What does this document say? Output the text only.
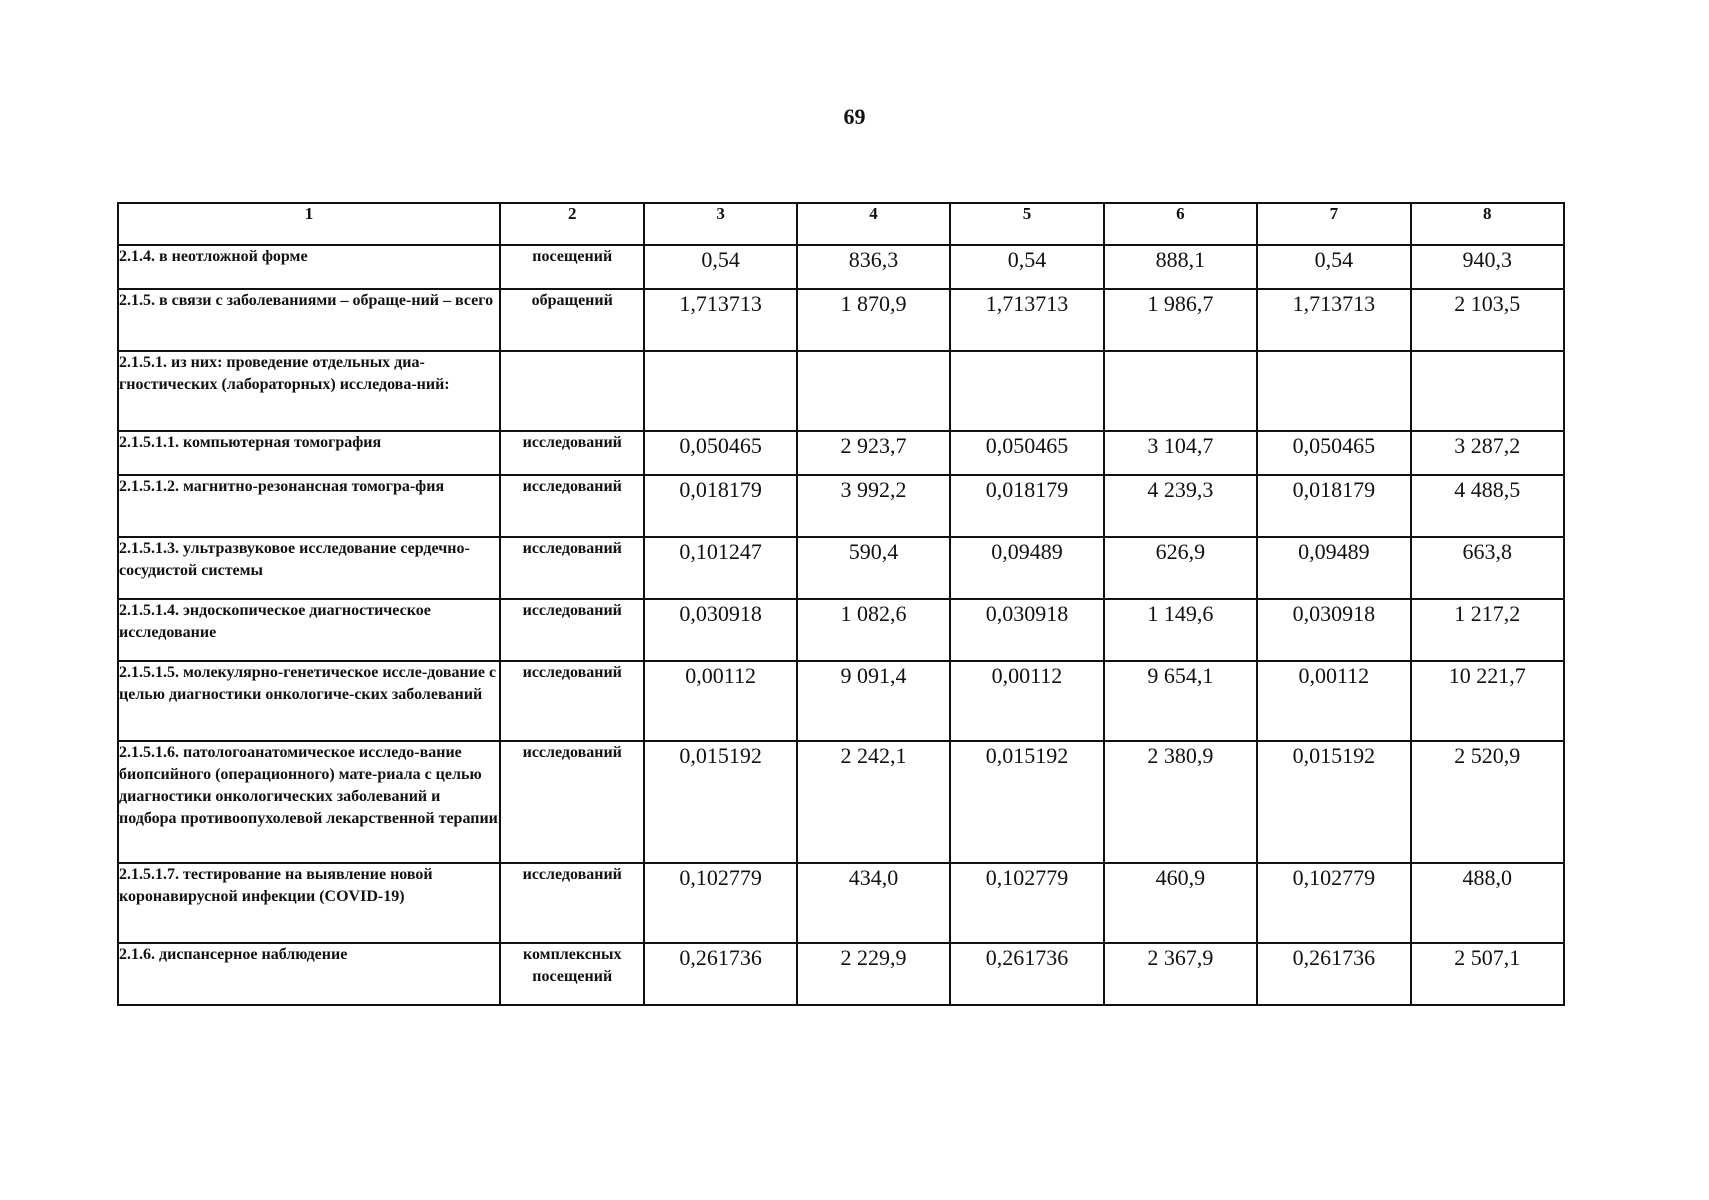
69
1	2	3	4	5	6	7	8
2.1.4. в неотложной форме	посещений	0,54	836,3	0,54	888,1	0,54	940,3
2.1.5. в связи с заболеваниями – обраще-ний – всего	обращений	1,713713	1 870,9	1,713713	1 986,7	1,713713	2 103,5
2.1.5.1. из них: проведение отдельных диа-гностических (лабораторных) исследова-ний:							
2.1.5.1.1. компьютерная томография	исследований	0,050465	2 923,7	0,050465	3 104,7	0,050465	3 287,2
2.1.5.1.2. магнитно-резонансная томогра-фия	исследований	0,018179	3 992,2	0,018179	4 239,3	0,018179	4 488,5
2.1.5.1.3. ультразвуковое исследование сердечно-сосудистой системы	исследований	0,101247	590,4	0,09489	626,9	0,09489	663,8
2.1.5.1.4. эндоскопическое диагностическое исследование	исследований	0,030918	1 082,6	0,030918	1 149,6	0,030918	1 217,2
2.1.5.1.5. молекулярно-генетическое иссле-дование с целью диагностики онкологиче-ских заболеваний	исследований	0,00112	9 091,4	0,00112	9 654,1	0,00112	10 221,7
2.1.5.1.6. патологоанатомическое исследо-вание биопсийного (операционного) мате-риала с целью диагностики онкологических заболеваний и подбора противоопухолевой лекарственной терапии	исследований	0,015192	2 242,1	0,015192	2 380,9	0,015192	2 520,9
2.1.5.1.7. тестирование на выявление новой коронавирусной инфекции (COVID-19)	исследований	0,102779	434,0	0,102779	460,9	0,102779	488,0
2.1.6. диспансерное наблюдение	комплексных посещений	0,261736	2 229,9	0,261736	2 367,9	0,261736	2 507,1
